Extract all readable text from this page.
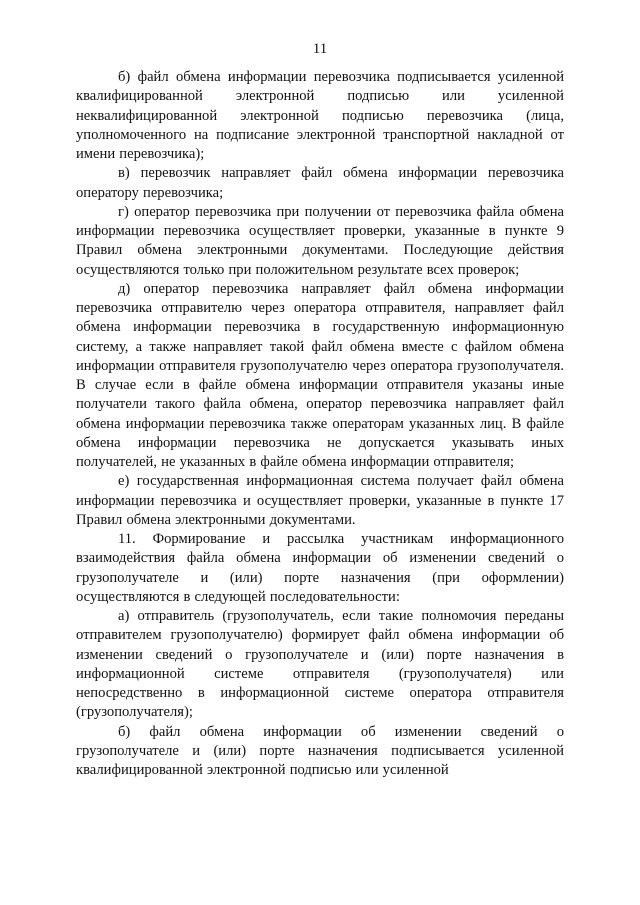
11

б) файл обмена информации перевозчика подписывается усиленной квалифицированной электронной подписью или усиленной неквалифицированной электронной подписью перевозчика (лица, уполномоченного на подписание электронной транспортной накладной от имени перевозчика);

в) перевозчик направляет файл обмена информации перевозчика оператору перевозчика;

г) оператор перевозчика при получении от перевозчика файла обмена информации перевозчика осуществляет проверки, указанные в пункте 9 Правил обмена электронными документами. Последующие действия осуществляются только при положительном результате всех проверок;

д) оператор перевозчика направляет файл обмена информации перевозчика отправителю через оператора отправителя, направляет файл обмена информации перевозчика в государственную информационную систему, а также направляет такой файл обмена вместе с файлом обмена информации отправителя грузополучателю через оператора грузополучателя. В случае если в файле обмена информации отправителя указаны иные получатели такого файла обмена, оператор перевозчика направляет файл обмена информации перевозчика также операторам указанных лиц. В файле обмена информации перевозчика не допускается указывать иных получателей, не указанных в файле обмена информации отправителя;

е) государственная информационная система получает файл обмена информации перевозчика и осуществляет проверки, указанные в пункте 17 Правил обмена электронными документами.

11. Формирование и рассылка участникам информационного взаимодействия файла обмена информации об изменении сведений о грузополучателе и (или) порте назначения (при оформлении) осуществляются в следующей последовательности:

а) отправитель (грузополучатель, если такие полномочия переданы отправителем грузополучателю) формирует файл обмена информации об изменении сведений о грузополучателе и (или) порте назначения в информационной системе отправителя (грузополучателя) или непосредственно в информационной системе оператора отправителя (грузополучателя);

б) файл обмена информации об изменении сведений о грузополучателе и (или) порте назначения подписывается усиленной квалифицированной электронной подписью или усиленной
